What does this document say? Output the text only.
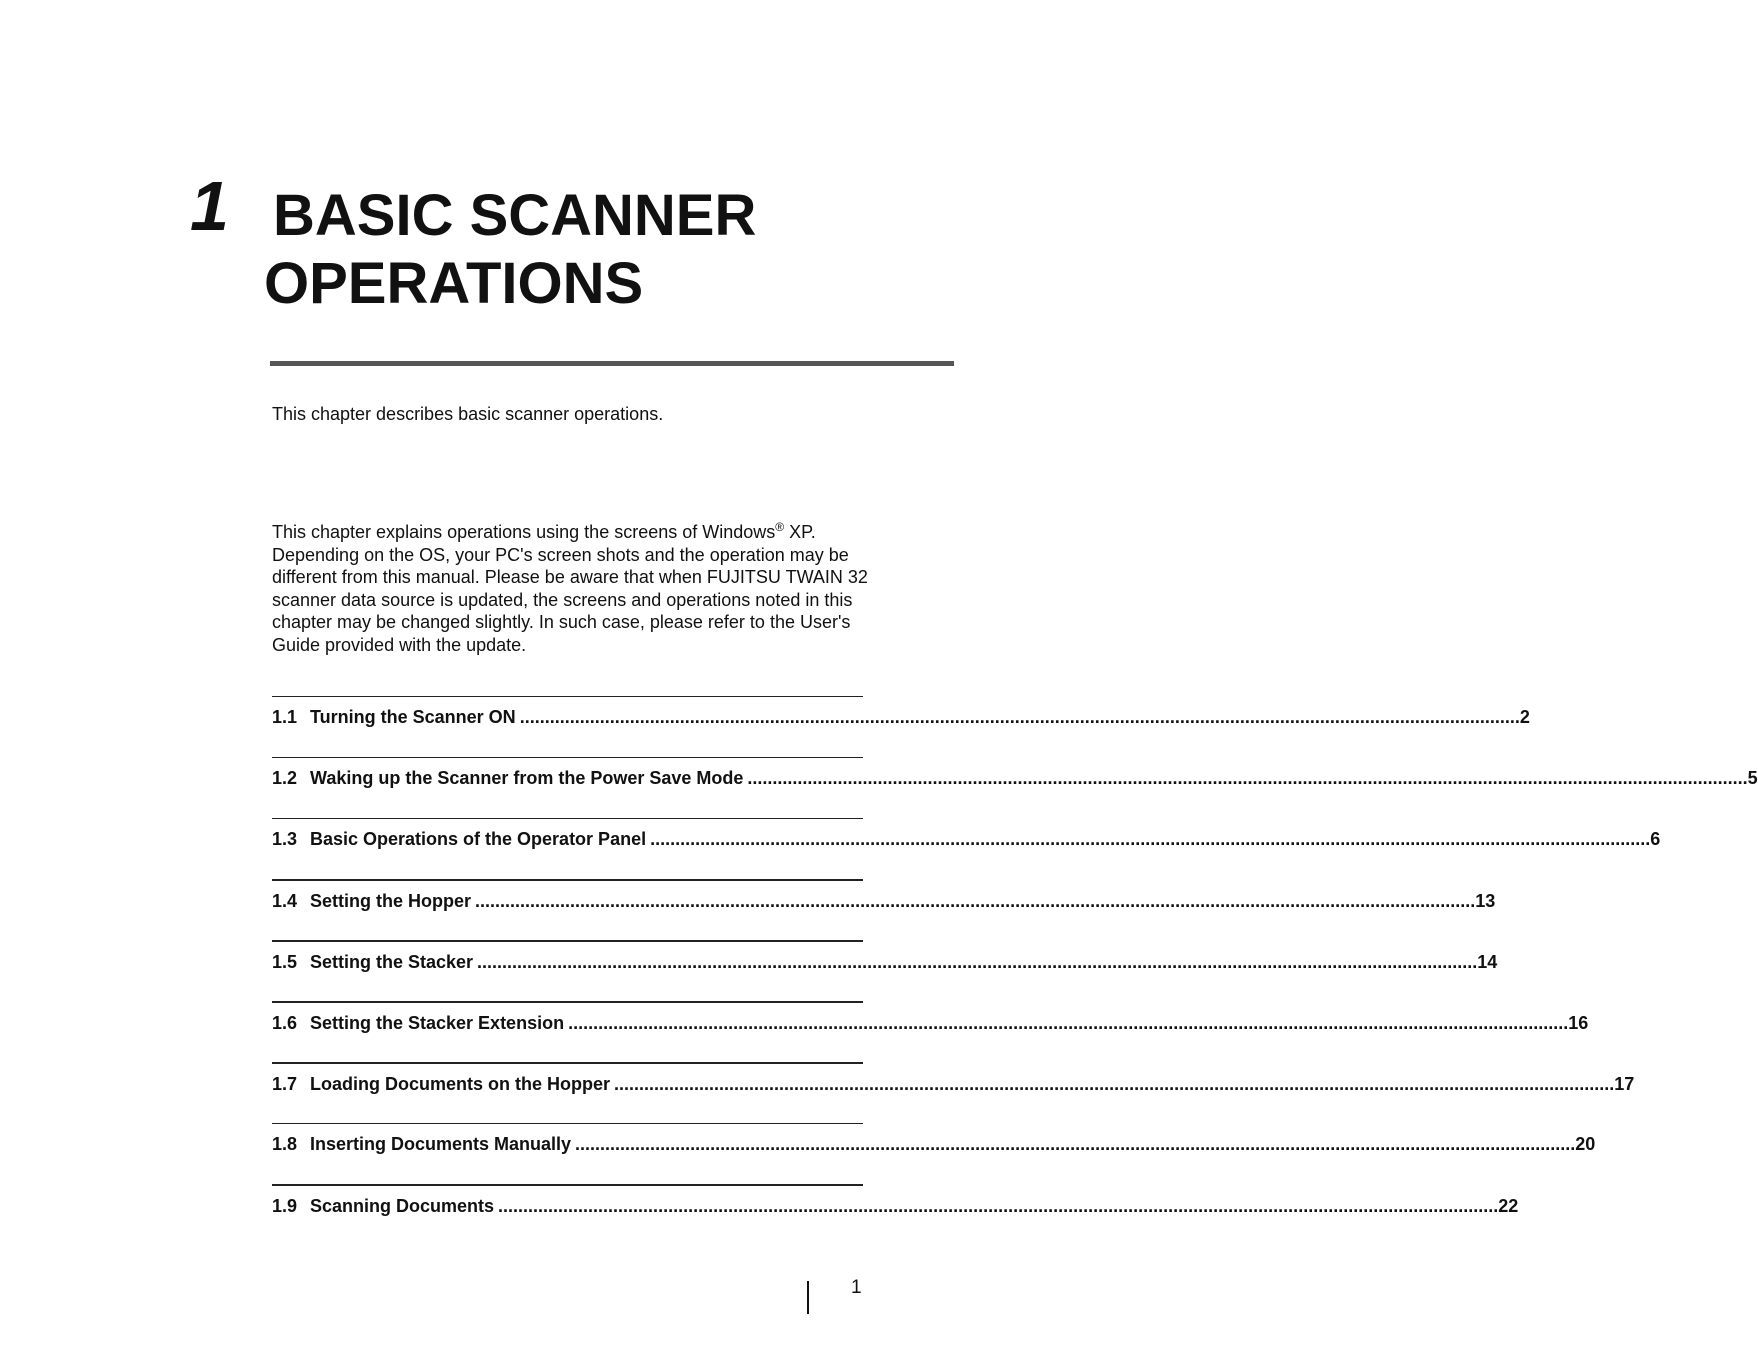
1 BASIC SCANNER
OPERATIONS

This chapter describes basic scanner operations.

This chapter explains operations using the screens of Windows® XP. Depending on the OS, your PC's screen shots and the operation may be different from this manual. Please be aware that when FUJITSU TWAIN 32 scanner data source is updated, the screens and operations noted in this chapter may be changed slightly. In such case, please refer to the User's Guide provided with the update.

1.1 Turning the Scanner ON ........................................................................................................................................................................................................ 2
1.2 Waking up the Scanner from the Power Save Mode ........................................................................................................................................................................................................ 5
1.3 Basic Operations of the Operator Panel ........................................................................................................................................................................................................ 6
1.4 Setting the Hopper ........................................................................................................................................................................................................ 13
1.5 Setting the Stacker ........................................................................................................................................................................................................ 14
1.6 Setting the Stacker Extension ........................................................................................................................................................................................................ 16
1.7 Loading Documents on the Hopper ........................................................................................................................................................................................................ 17
1.8 Inserting Documents Manually ........................................................................................................................................................................................................ 20
1.9 Scanning Documents ........................................................................................................................................................................................................ 22
1
